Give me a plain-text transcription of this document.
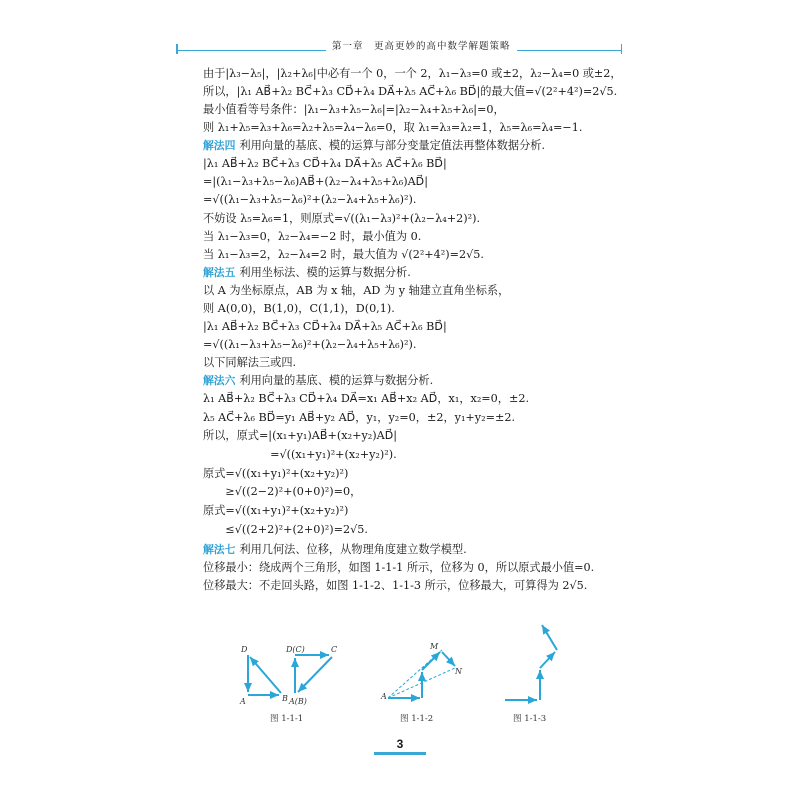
第一章　更高更妙的高中数学解题策略
由于|λ₃−λ₅|，|λ₂+λ₆|中必有一个 0，一个 2，λ₁−λ₃=0 或±2，λ₂−λ₄=0 或±2，
所以，|λ₁ AB⃗+λ₂ BC⃗+λ₃ CD⃗+λ₄ DA⃗+λ₅ AC⃗+λ₆ BD⃗|的最大值=√(2²+4²)=2√5.
最小值看等号条件：|λ₁−λ₃+λ₅−λ₆|=|λ₂−λ₄+λ₅+λ₆|=0，
则 λ₁+λ₅=λ₃+λ₆=λ₂+λ₅=λ₄−λ₆=0，取 λ₁=λ₃=λ₂=1，λ₅=λ₆=λ₄=−1.
解法四 利用向量的基底、模的运算与部分变量定值法再整体数据分析.
|λ₁ AB⃗+λ₂ BC⃗+λ₃ CD⃗+λ₄ DA⃗+λ₅ AC⃗+λ₆ BD⃗|
=|(λ₁−λ₃+λ₅−λ₆)AB⃗+(λ₂−λ₄+λ₅+λ₆)AD⃗|
=√((λ₁−λ₃+λ₅−λ₆)²+(λ₂−λ₄+λ₅+λ₆)²).
不妨设 λ₅=λ₆=1，则原式=√((λ₁−λ₃)²+(λ₂−λ₄+2)²).
当 λ₁−λ₃=0，λ₂−λ₄=−2 时，最小值为 0.
当 λ₁−λ₃=2，λ₂−λ₄=2 时，最大值为 √(2²+4²)=2√5.
解法五 利用坐标法、模的运算与数据分析.
以 A 为坐标原点，AB 为 x 轴，AD 为 y 轴建立直角坐标系，
则 A(0,0)，B(1,0)，C(1,1)，D(0,1).
|λ₁ AB⃗+λ₂ BC⃗+λ₃ CD⃗+λ₄ DA⃗+λ₅ AC⃗+λ₆ BD⃗|
=√((λ₁−λ₃+λ₅−λ₆)²+(λ₂−λ₄+λ₅+λ₆)²).
以下同解法三或四.
解法六 利用向量的基底、模的运算与数据分析.
λ₁ AB⃗+λ₂ BC⃗+λ₃ CD⃗+λ₄ DA⃗=x₁ AB⃗+x₂ AD⃗，x₁，x₂=0，±2.
λ₅ AC⃗+λ₆ BD⃗=y₁ AB⃗+y₂ AD⃗，y₁，y₂=0，±2，y₁+y₂=±2.
所以，原式=|(x₁+y₁)AB⃗+(x₂+y₂)AD⃗|
　　　　　　=√((x₁+y₁)²+(x₂+y₂)²).
原式=√((x₁+y₁)²+(x₂+y₂)²)
　　≥√((2−2)²+(0+0)²)=0，
原式=√((x₁+y₁)²+(x₂+y₂)²)
　　≤√((2+2)²+(2+0)²)=2√5.
解法七 利用几何法、位移，从物理角度建立数学模型.
位移最小：绕成两个三角形，如图 1-1-1 所示，位移为 0，所以原式最小值=0.
位移最大：不走回头路，如图 1-1-2、1-1-3 所示，位移最大，可算得为 2√5.
D
A	B
D(C)	C
A(B)
M
N
A
图 1-1-1	图 1-1-2	图 1-1-3
3
